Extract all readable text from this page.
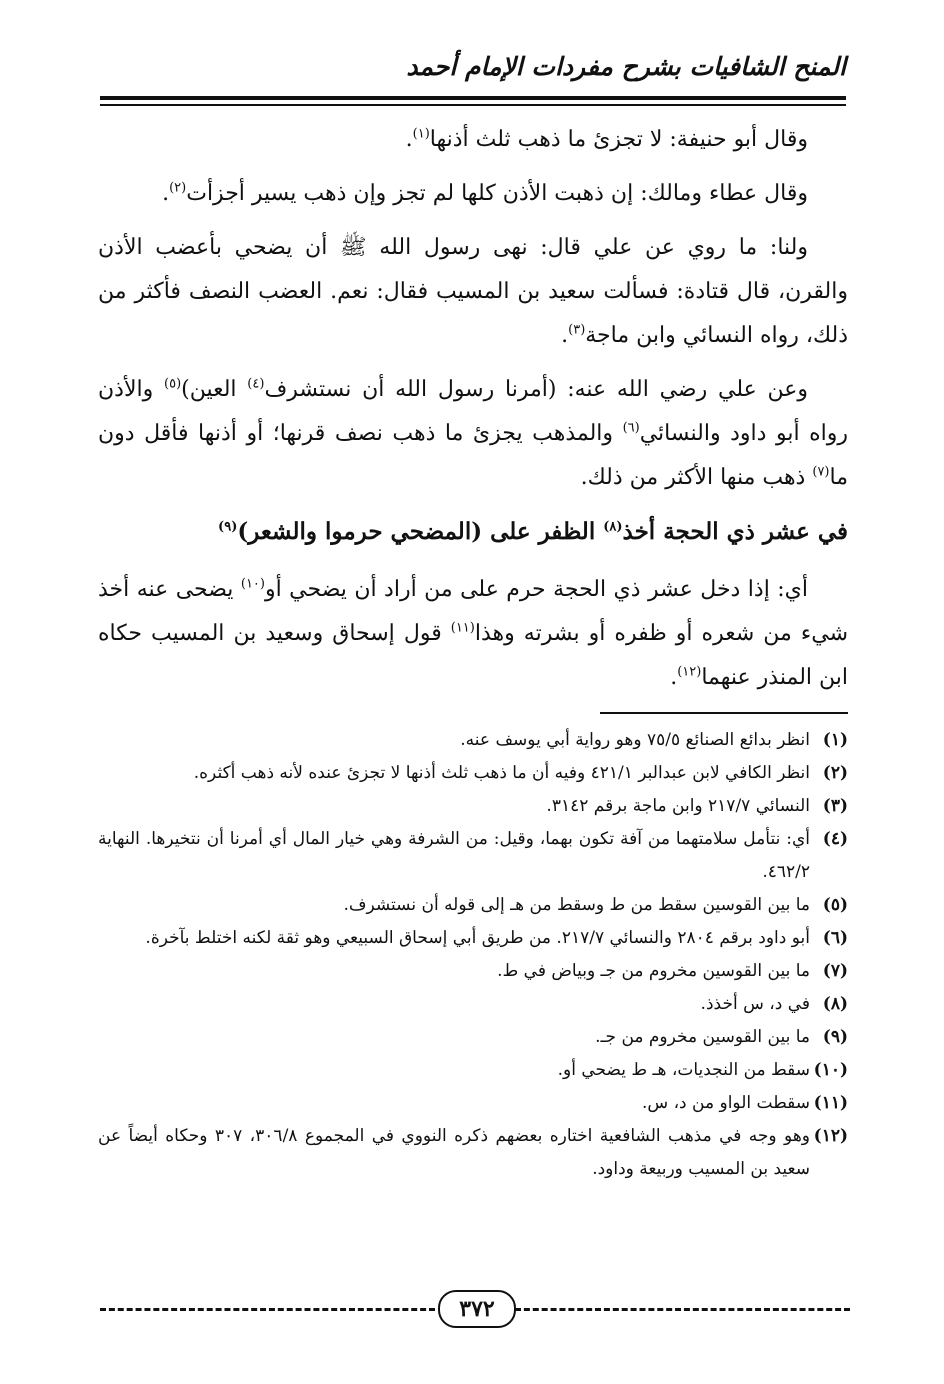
المنح الشافيات بشرح مفردات الإمام أحمد

وقال أبو حنيفة: لا تجزئ ما ذهب ثلث أذنها$^{(١)}$.

وقال عطاء ومالك: إن ذهبت الأذن كلها لم تجز وإن ذهب يسير أجزأت$^{(٢)}$.

ولنا: ما روي عن علي قال: نهى رسول الله ﷺ أن يضحي بأعضب الأذن والقرن، قال قتادة: فسألت سعيد بن المسيب فقال: نعم. العضب النصف فأكثر من ذلك، رواه النسائي وابن ماجة$^{(٣)}$.

وعن علي رضي الله عنه: (أمرنا رسول الله أن نستشرف$^{(٤)}$ العين)$^{(٥)}$ والأذن رواه أبو داود والنسائي$^{(٦)}$ والمذهب يجزئ ما ذهب نصف قرنها؛ أو أذنها فأقل دون ما$^{(٧)}$ ذهب منها الأكثر من ذلك.

في عشر ذي الحجة أخذ$^{(٨)}$ الظفر على (المضحي حرموا والشعر)$^{(٩)}$

أي: إذا دخل عشر ذي الحجة حرم على من أراد أن يضحي أو$^{(١٠)}$ يضحى عنه أخذ شيء من شعره أو ظفره أو بشرته وهذا$^{(١١)}$ قول إسحاق وسعيد بن المسيب حكاه ابن المنذر عنهما$^{(١٢)}$.

(١)
انظر بدائع الصنائع ٧٥/٥ وهو رواية أبي يوسف عنه.
(٢)
انظر الكافي لابن عبدالبر ٤٢١/١ وفيه أن ما ذهب ثلث أذنها لا تجزئ عنده لأنه ذهب أكثره.
(٣)
النسائي ٢١٧/٧ وابن ماجة برقم ٣١٤٢.
(٤)
أي: نتأمل سلامتهما من آفة تكون بهما، وقيل: من الشرفة وهي خيار المال أي أمرنا أن نتخيرها. النهاية ٤٦٢/٢.
(٥)
ما بين القوسين سقط من ط وسقط من هـ إلى قوله أن نستشرف.
(٦)
أبو داود برقم ٢٨٠٤ والنسائي ٢١٧/٧. من طريق أبي إسحاق السبيعي وهو ثقة لكنه اختلط بآخرة.
(٧)
ما بين القوسين مخروم من جـ وبياض في ط.
(٨)
في د، س أخذذ.
(٩)
ما بين القوسين مخروم من جـ.
(١٠)
سقط من النجديات، هـ ط يضحي أو.
(١١)
سقطت الواو من د، س.
(١٢)
وهو وجه في مذهب الشافعية اختاره بعضهم ذكره النووي في المجموع ٣٠٦/٨، ٣٠٧ وحكاه أيضاً عن سعيد بن المسيب وربيعة وداود.
٣٧٢
